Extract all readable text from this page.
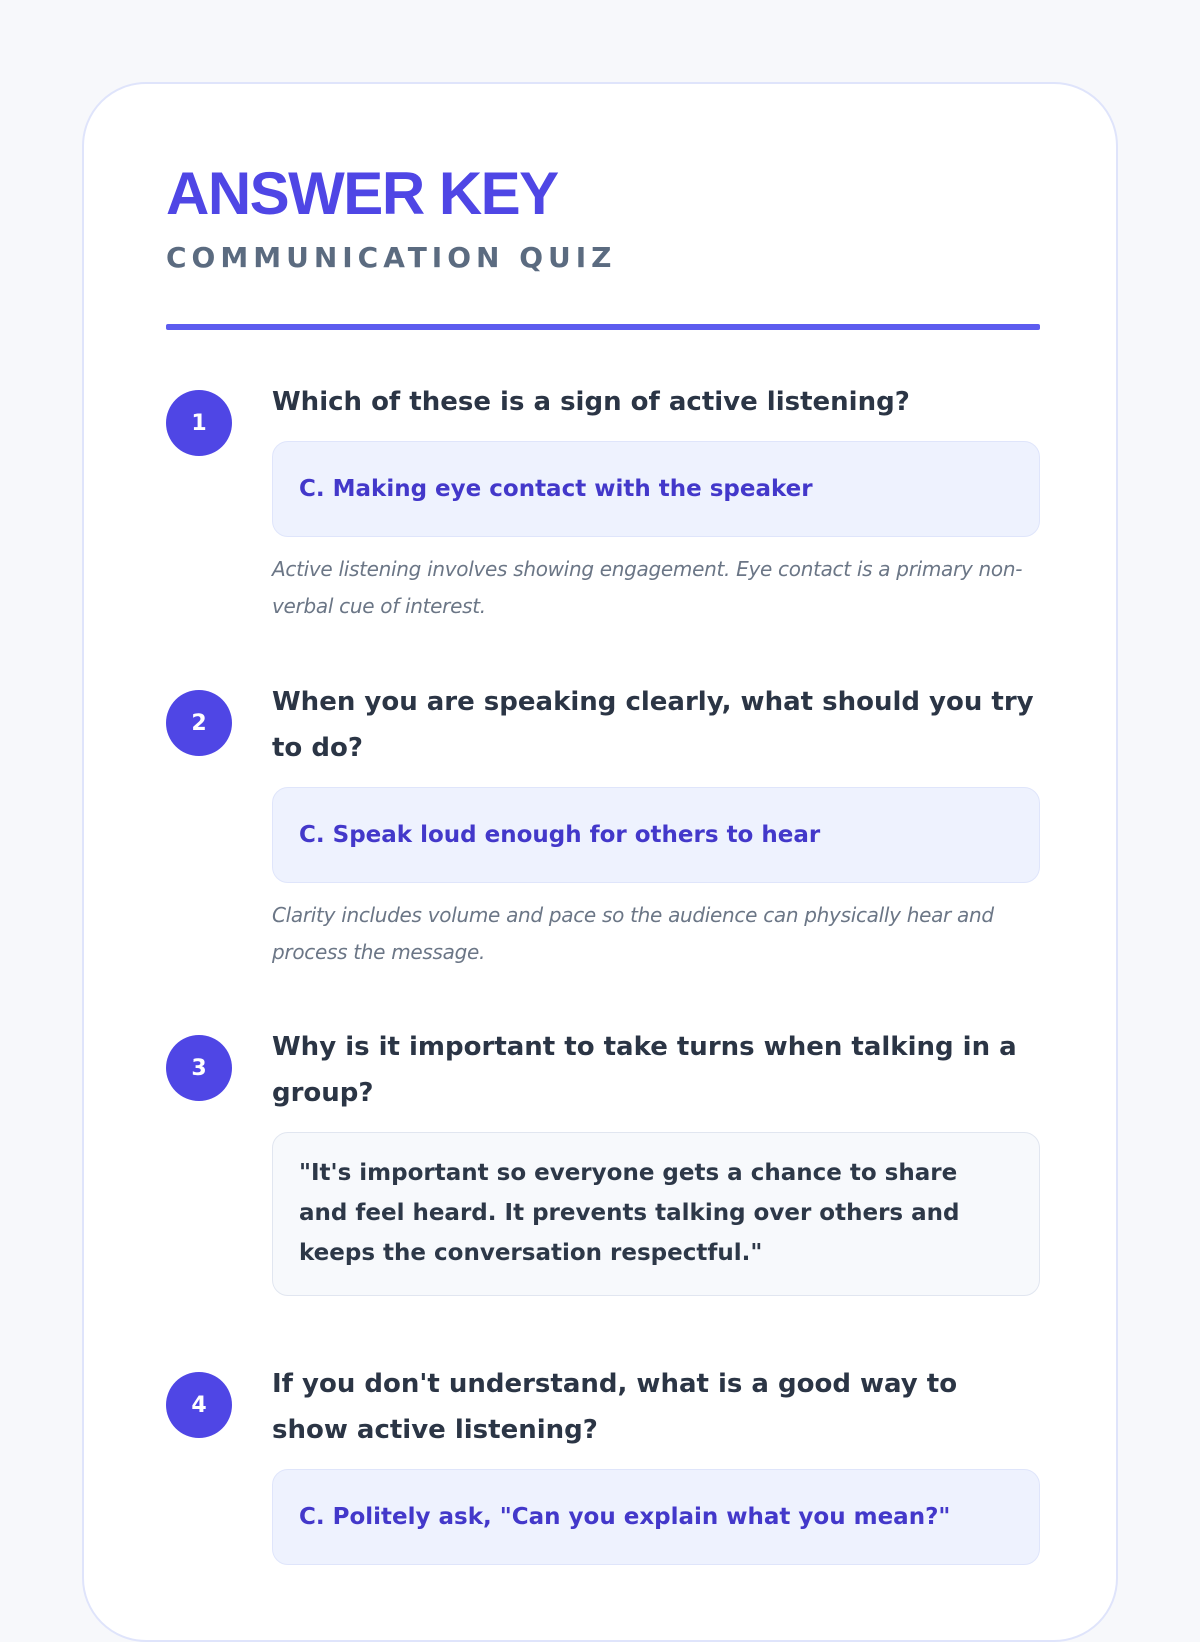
ANSWER KEY
COMMUNICATION QUIZ
1
Which of these is a sign of active listening?
C. Making eye contact with the speaker
Active listening involves showing engagement. Eye contact is a primary non-verbal cue of interest.
2
When you are speaking clearly, what should you try to do?
C. Speak loud enough for others to hear
Clarity includes volume and pace so the audience can physically hear and process the message.
3
Why is it important to take turns when talking in a group?
"It's important so everyone gets a chance to share and feel heard. It prevents talking over others and keeps the conversation respectful."
4
If you don't understand, what is a good way to show active listening?
C. Politely ask, "Can you explain what you mean?"
